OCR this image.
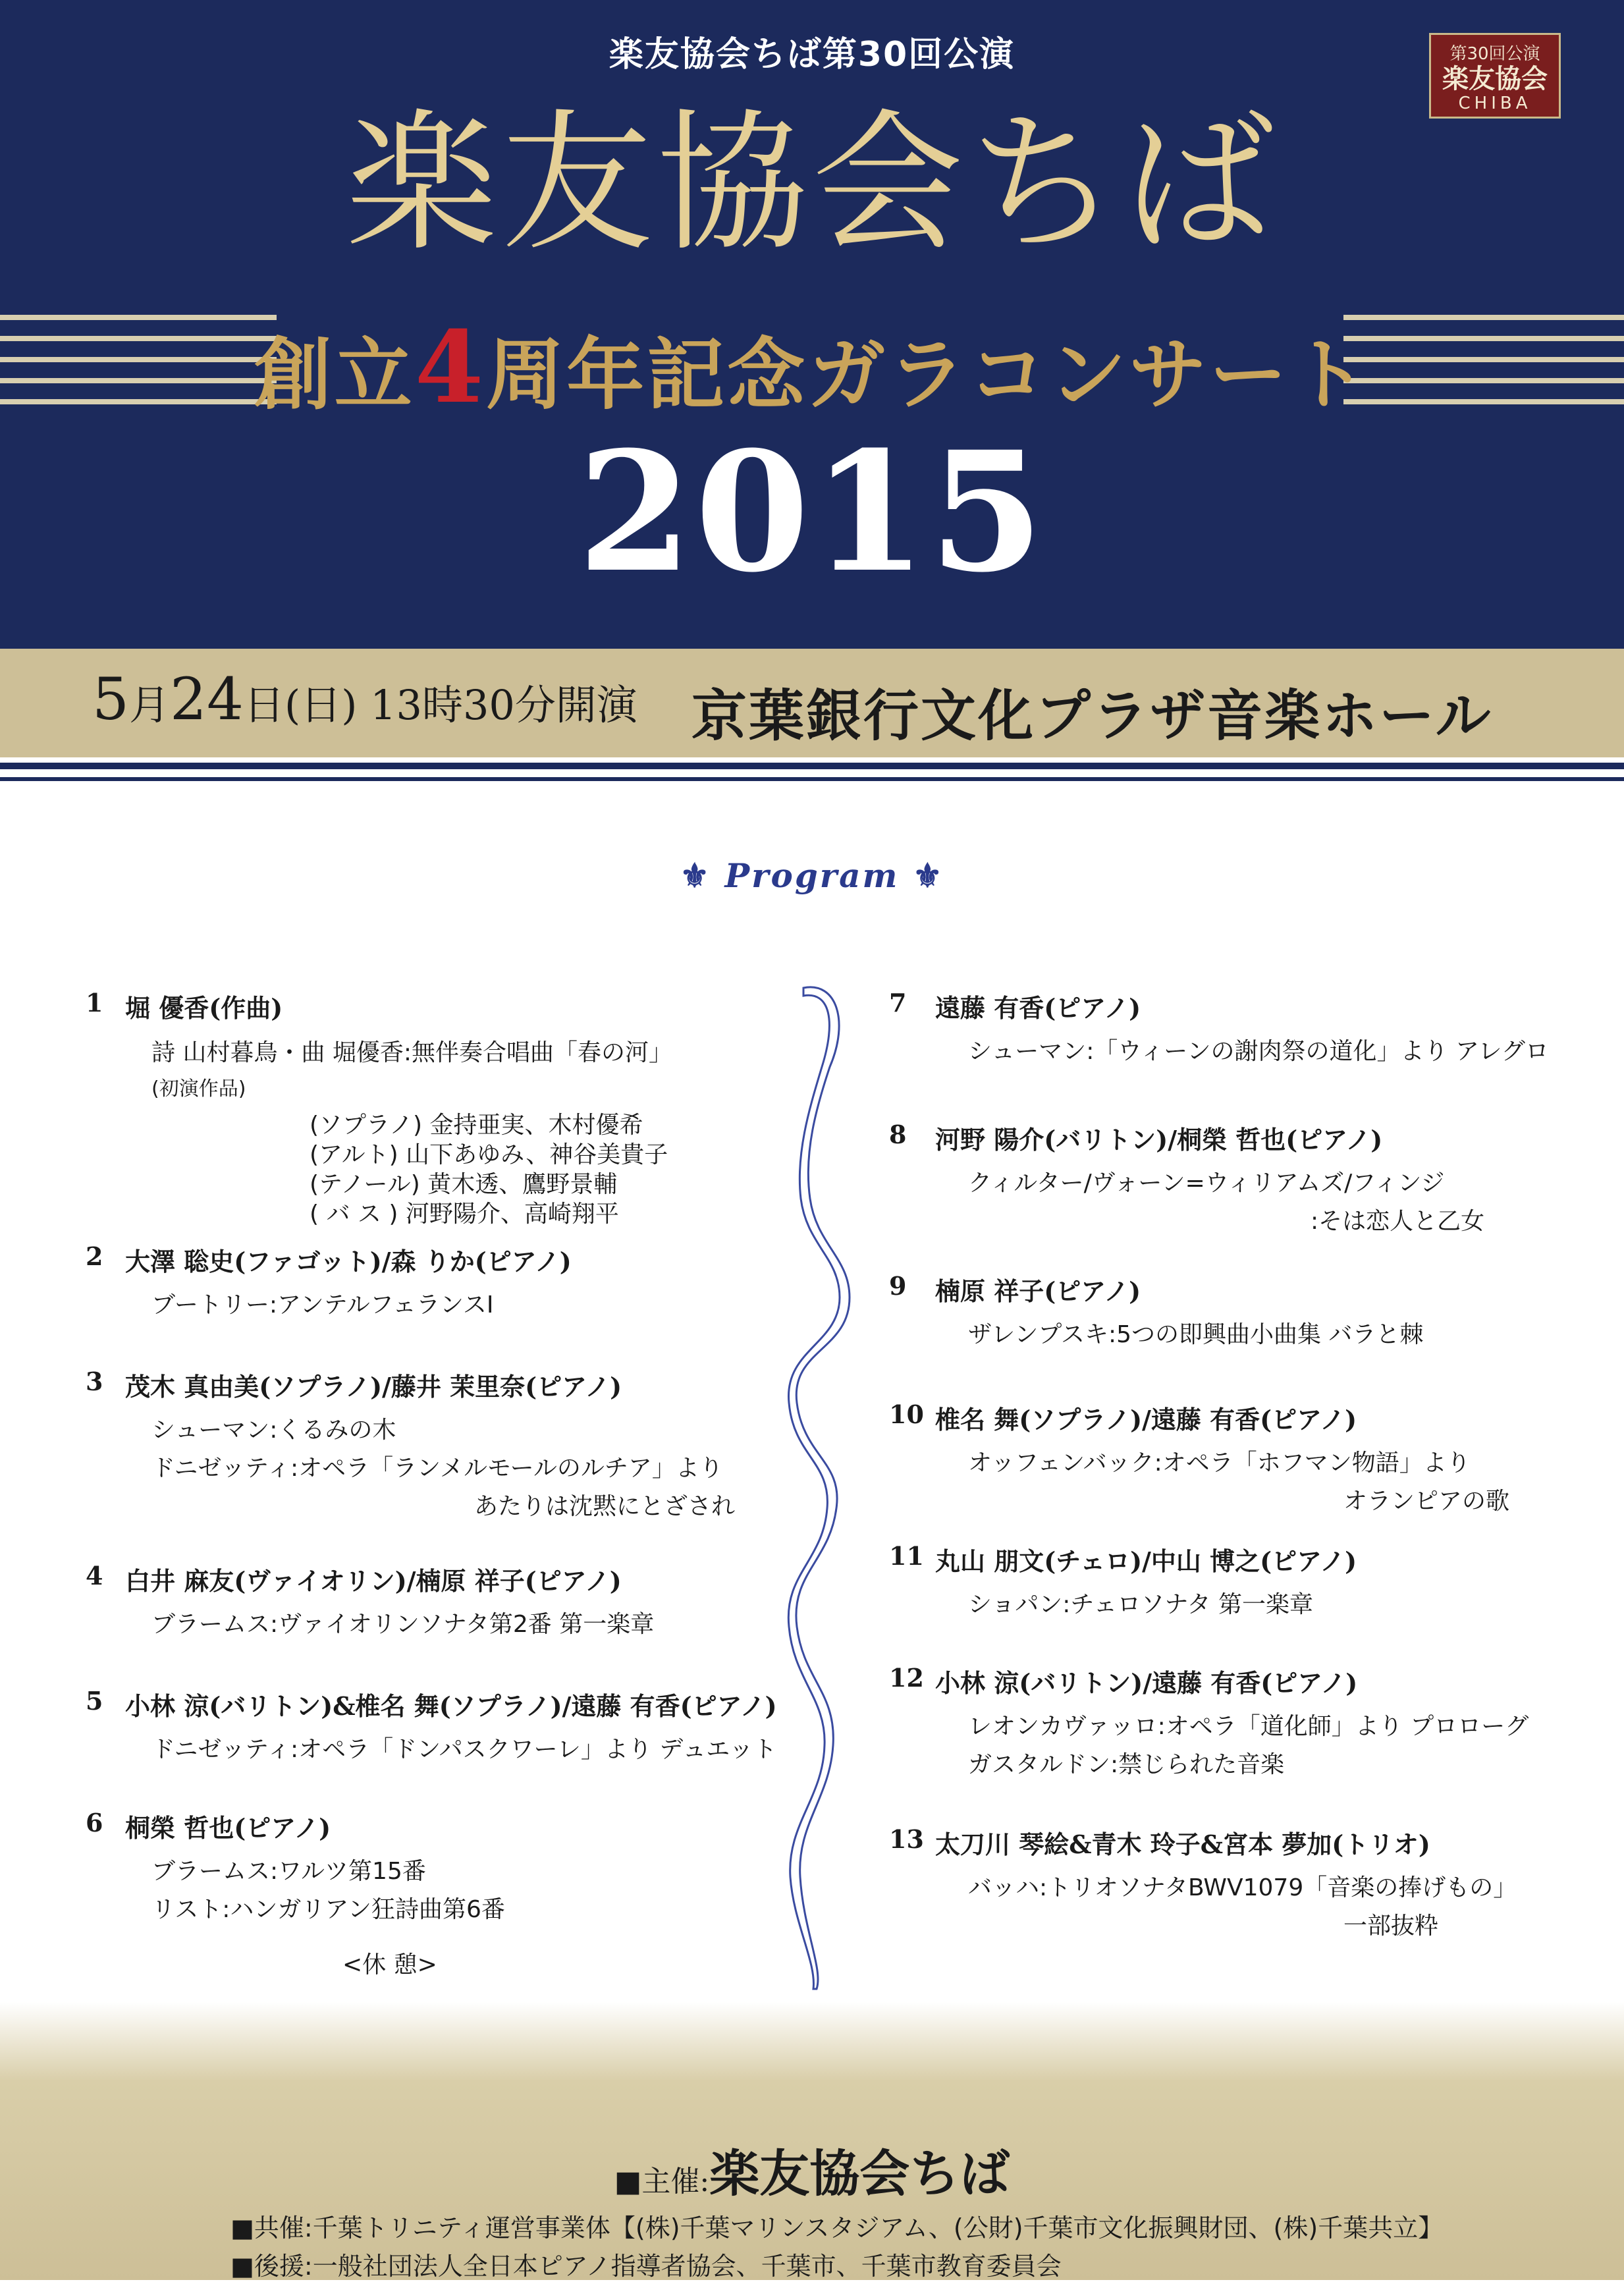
楽友協会ちば第30回公演	第30回公演
楽友協会
CHIBA
楽友協会ちば
創立4周年記念ガラコンサート
2015
5月24日(日) 13時30分開演 京葉銀行文化プラザ音楽ホール
⚜ Program ⚜
1 堀 優香(作曲)
詩 山村暮鳥・曲 堀優香:無伴奏合唱曲「春の河」
(初演作品)
(ソプラノ) 金持亜実、木村優希
(アルト) 山下あゆみ、神谷美貴子
(テノール) 黄木透、鷹野景輔
( バ ス ) 河野陽介、高崎翔平
2 大澤 聡史(ファゴット)/森 りか(ピアノ)
ブートリー:アンテルフェランスⅠ
3 茂木 真由美(ソプラノ)/藤井 茉里奈(ピアノ)
シューマン:くるみの木
ドニゼッティ:オペラ「ランメルモールのルチア」より
あたりは沈黙にとざされ
4 白井 麻友(ヴァイオリン)/楠原 祥子(ピアノ)
ブラームス:ヴァイオリンソナタ第2番 第一楽章
5 小林 涼(バリトン)&椎名 舞(ソプラノ)/遠藤 有香(ピアノ)
ドニゼッティ:オペラ「ドンパスクワーレ」より デュエット
6 桐榮 哲也(ピアノ)
ブラームス:ワルツ第15番
リスト:ハンガリアン狂詩曲第6番
7 遠藤 有香(ピアノ)
シューマン:「ウィーンの謝肉祭の道化」より アレグロ
8 河野 陽介(バリトン)/桐榮 哲也(ピアノ)
クィルター/ヴォーン=ウィリアムズ/フィンジ
:そは恋人と乙女
9 楠原 祥子(ピアノ)
ザレンプスキ:5つの即興曲小曲集 バラと棘
10 椎名 舞(ソプラノ)/遠藤 有香(ピアノ)
オッフェンバック:オペラ「ホフマン物語」より
オランピアの歌
11 丸山 朋文(チェロ)/中山 博之(ピアノ)
ショパン:チェロソナタ 第一楽章
12 小林 涼(バリトン)/遠藤 有香(ピアノ)
レオンカヴァッロ:オペラ「道化師」より プロローグ
ガスタルドン:禁じられた音楽
13 太刀川 琴絵&青木 玲子&宮本 夢加(トリオ)
バッハ:トリオソナタBWV1079「音楽の捧げもの」
一部抜粋
<休 憩>
■主催:楽友協会ちば
■共催:千葉トリニティ運営事業体【(株)千葉マリンスタジアム、(公財)千葉市文化振興財団、(株)千葉共立】
■後援:一般社団法人全日本ピアノ指導者協会、千葉市、千葉市教育委員会
